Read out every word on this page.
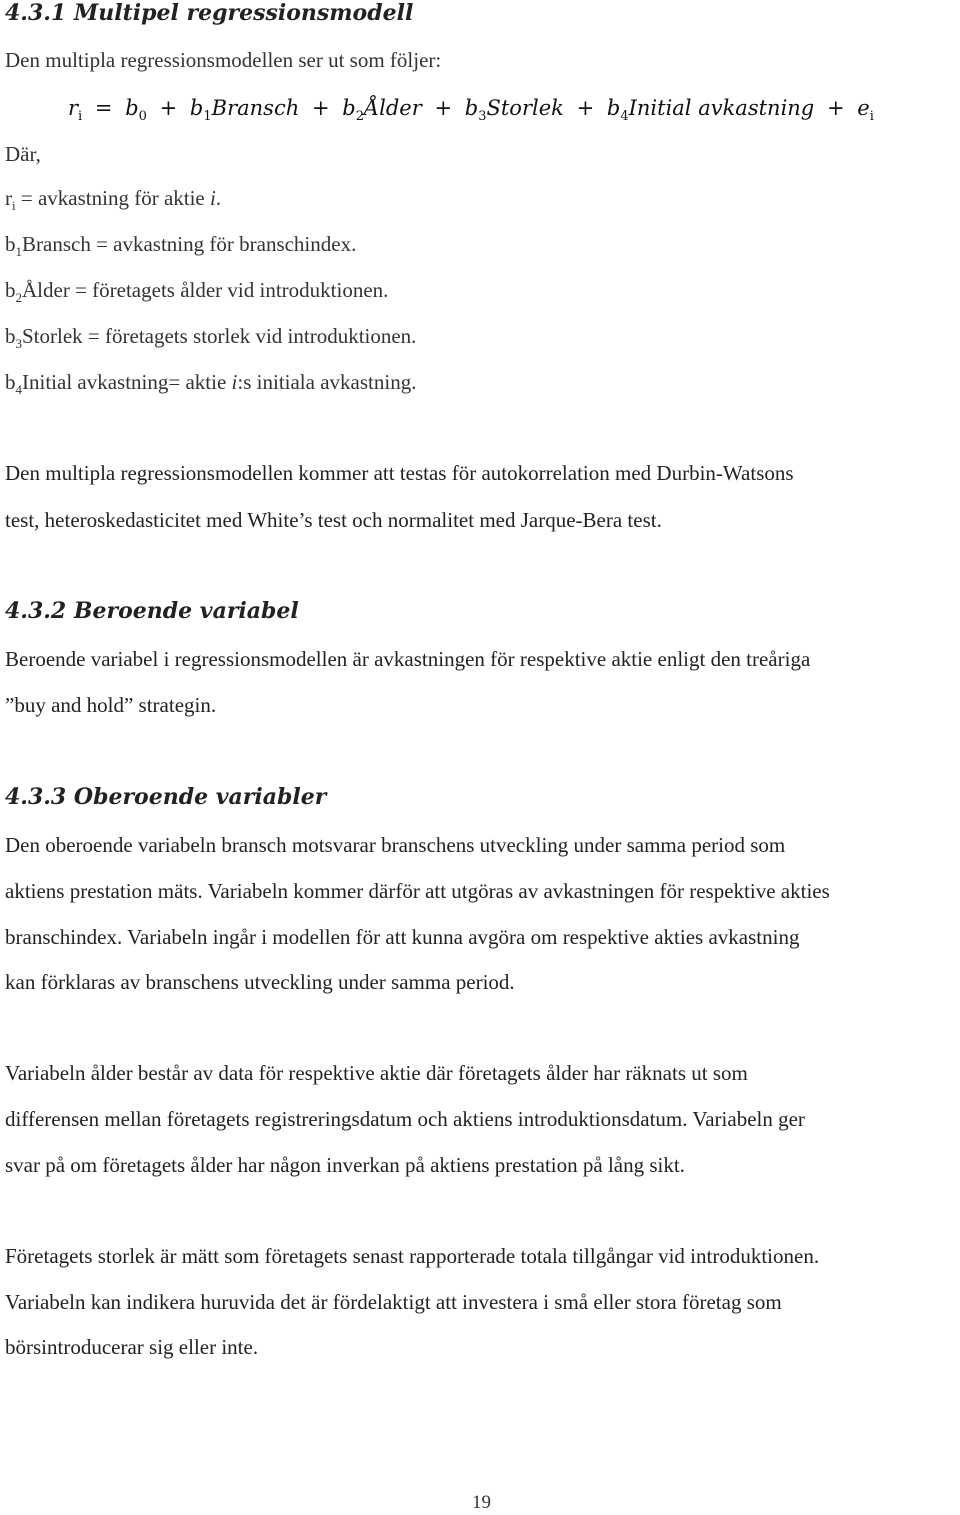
4.3.1 Multipel regressionsmodell
Den multipla regressionsmodellen ser ut som följer:
$r_i = b_0$ + $b_1Bransch$ + $b_2Ålder$ + $b_3Storlek$ + $b_4Initial$ avkastning + $e_i$
Där,
$r_i$ = avkastning för aktie i.
$b_1Bransch$ = avkastning för branschindex.
$b_2Ålder$ = företagets ålder vid introduktionen.
$b_3Storlek$ = företagets storlek vid introduktionen.
$b_4Initial$ avkastning= aktie i:s initiala avkastning.
Den multipla regressionsmodellen kommer att testas för autokorrelation med Durbin-Watsons
test, heteroskedasticitet med White’s test och normalitet med Jarque-Bera test.
4.3.2 Beroende variabel
Beroende variabel i regressionsmodellen är avkastningen för respektive aktie enligt den treåriga
”buy and hold” strategin.
4.3.3 Oberoende variabler
Den oberoende variabeln bransch motsvarar branschens utveckling under samma period som
aktiens prestation mäts. Variabeln kommer därför att utgöras av avkastningen för respektive akties
branschindex. Variabeln ingår i modellen för att kunna avgöra om respektive akties avkastning
kan förklaras av branschens utveckling under samma period.
Variabeln ålder består av data för respektive aktie där företagets ålder har räknats ut som
differensen mellan företagets registreringsdatum och aktiens introduktionsdatum. Variabeln ger
svar på om företagets ålder har någon inverkan på aktiens prestation på lång sikt.
Företagets storlek är mätt som företagets senast rapporterade totala tillgångar vid introduktionen.
Variabeln kan indikera huruvida det är fördelaktigt att investera i små eller stora företag som
börsintroducerar sig eller inte.
19
